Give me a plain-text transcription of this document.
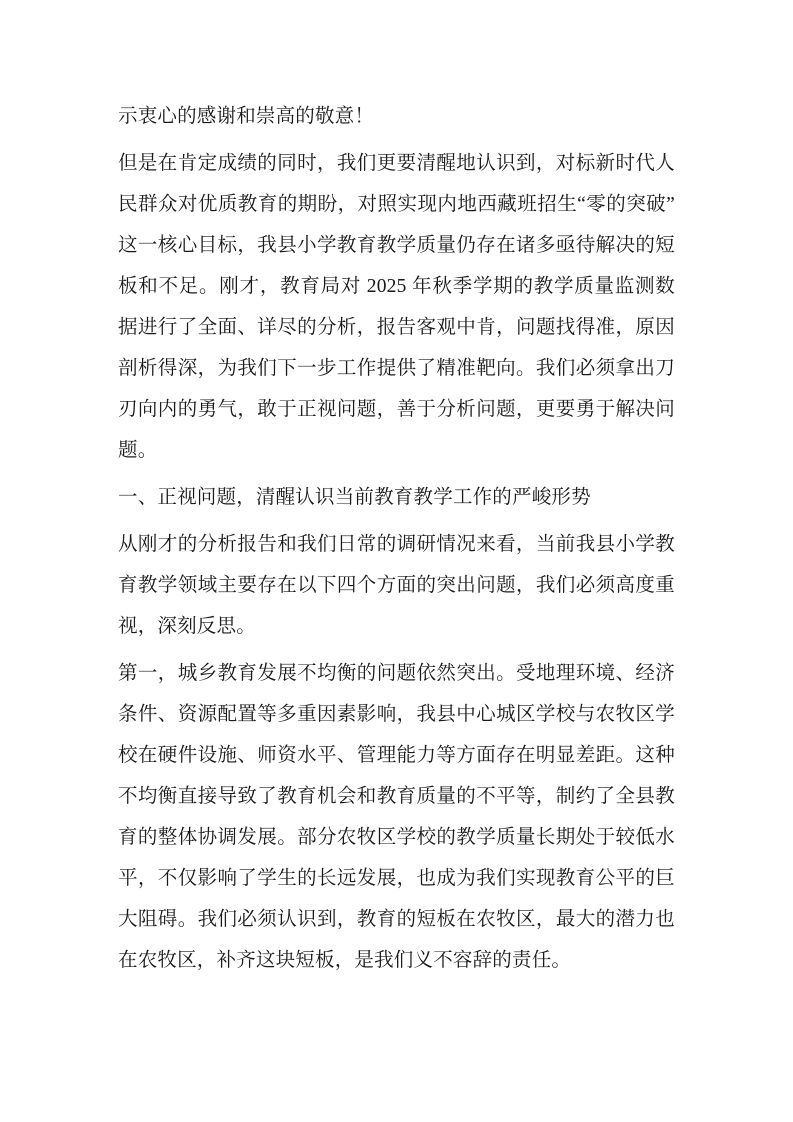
示衷心的感谢和崇高的敬意！

但是在肯定成绩的同时，我们更要清醒地认识到，对标新时代人民群众对优质教育的期盼，对照实现内地西藏班招生“零的突破” 这一核心目标，我县小学教育教学质量仍存在诸多亟待解决的短板和不足。刚才，教育局对 2025 年秋季学期的教学质量监测数据进行了全面、详尽的分析，报告客观中肯，问题找得准，原因剖析得深，为我们下一步工作提供了精准靶向。我们必须拿出刀刃向内的勇气，敢于正视问题，善于分析问题，更要勇于解决问题。

一、正视问题，清醒认识当前教育教学工作的严峻形势

从刚才的分析报告和我们日常的调研情况来看，当前我县小学教育教学领域主要存在以下四个方面的突出问题，我们必须高度重视，深刻反思。

第一，城乡教育发展不均衡的问题依然突出。受地理环境、经济条件、资源配置等多重因素影响，我县中心城区学校与农牧区学校在硬件设施、师资水平、管理能力等方面存在明显差距。这种不均衡直接导致了教育机会和教育质量的不平等，制约了全县教育的整体协调发展。部分农牧区学校的教学质量长期处于较低水平，不仅影响了学生的长远发展，也成为我们实现教育公平的巨大阻碍。我们必须认识到，教育的短板在农牧区，最大的潜力也在农牧区，补齐这块短板，是我们义不容辞的责任。
